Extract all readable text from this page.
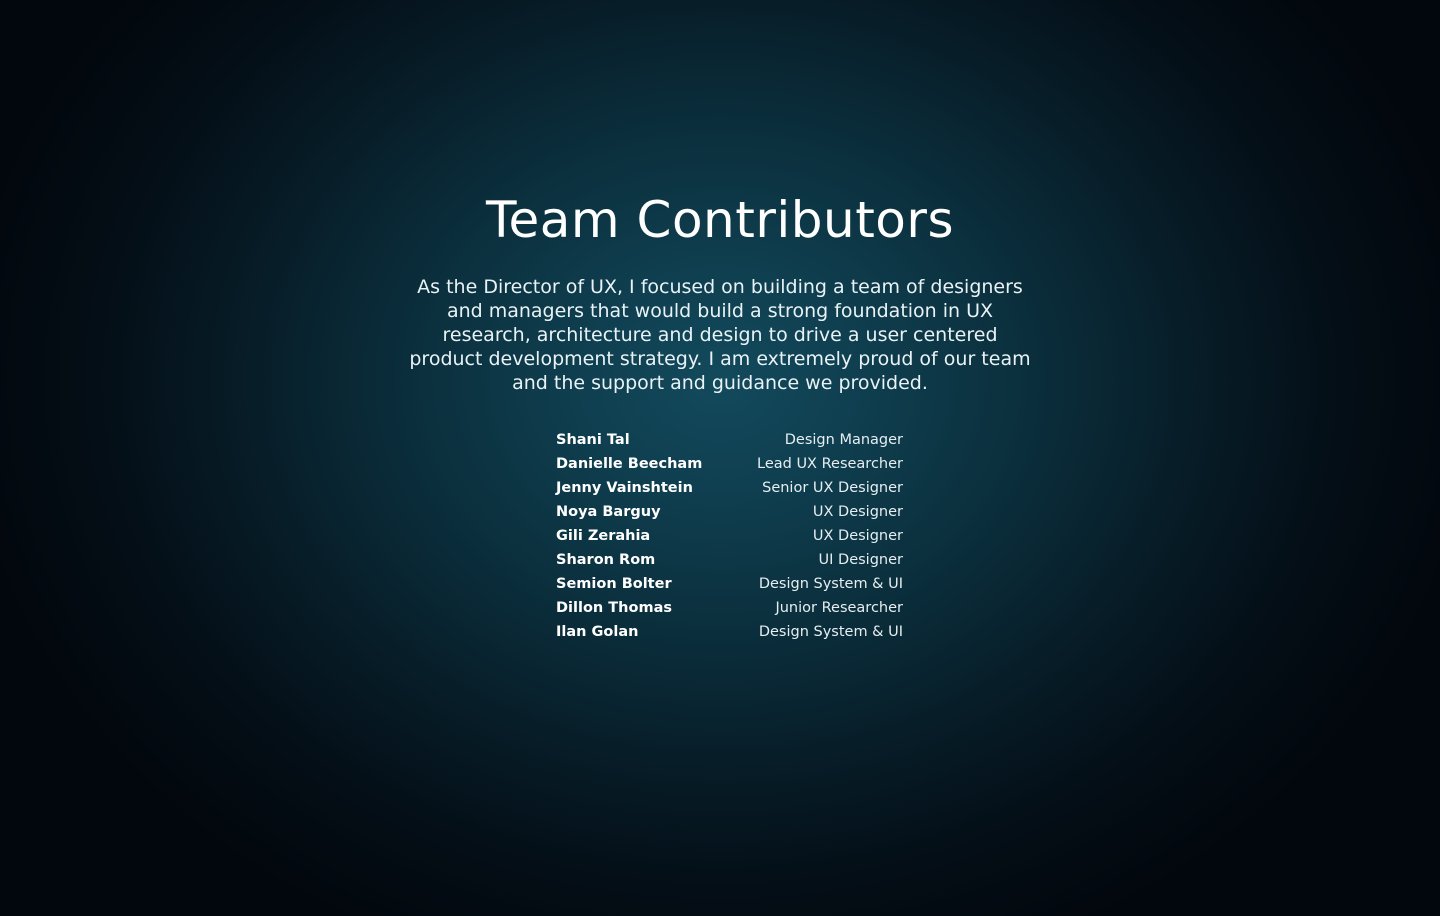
Team Contributors

As the Director of UX, I focused on building a team of designers and managers that would build a strong foundation in UX research, architecture and design to drive a user centered product development strategy. I am extremely proud of our team and the support and guidance we provided.

Shani Tal	Design Manager
Danielle Beecham	Lead UX Researcher
Jenny Vainshtein	Senior UX Designer
Noya Barguy	UX Designer
Gili Zerahia	UX Designer
Sharon Rom	UI Designer
Semion Bolter	Design System & UI
Dillon Thomas	Junior Researcher
Ilan Golan	Design System & UI
